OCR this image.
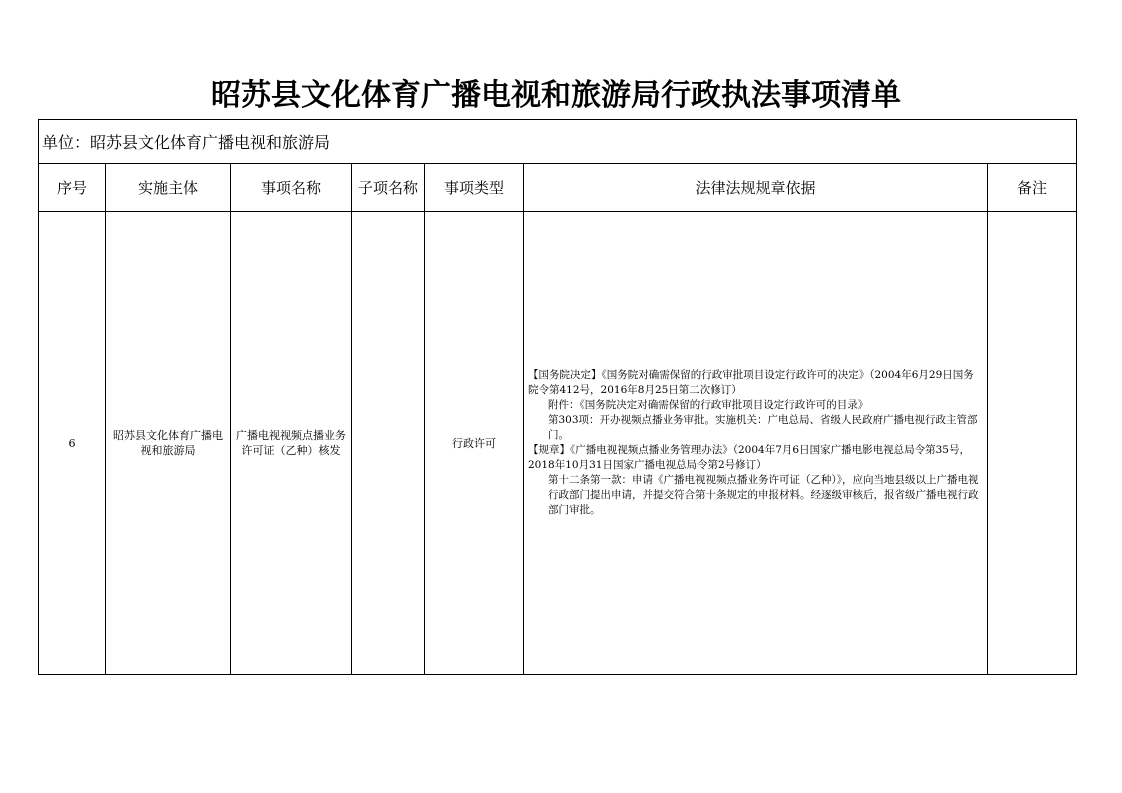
昭苏县文化体育广播电视和旅游局行政执法事项清单
单位：昭苏县文化体育广播电视和旅游局						
序号	实施主体	事项名称	子项名称	事项类型	法律法规规章依据	备注
6	昭苏县文化体育广播电视和旅游局	广播电视视频点播业务许可证（乙种）核发		行政许可	【国务院决定】《国务院对确需保留的行政审批项目设定行政许可的决定》（2004年6月29日国务院令第412号，2016年8月25日第二次修订）

附件：《国务院决定对确需保留的行政审批项目设定行政许可的目录》

第303项：开办视频点播业务审批。实施机关：广电总局、省级人民政府广播电视行政主管部门。

【规章】《广播电视视频点播业务管理办法》（2004年7月6日国家广播电影电视总局令第35号，2018年10月31日国家广播电视总局令第2号修订）

第十二条第一款：申请《广播电视视频点播业务许可证（乙种）》，应向当地县级以上广播电视行政部门提出申请，并提交符合第十条规定的申报材料。经逐级审核后，报省级广播电视行政部门审批。	
